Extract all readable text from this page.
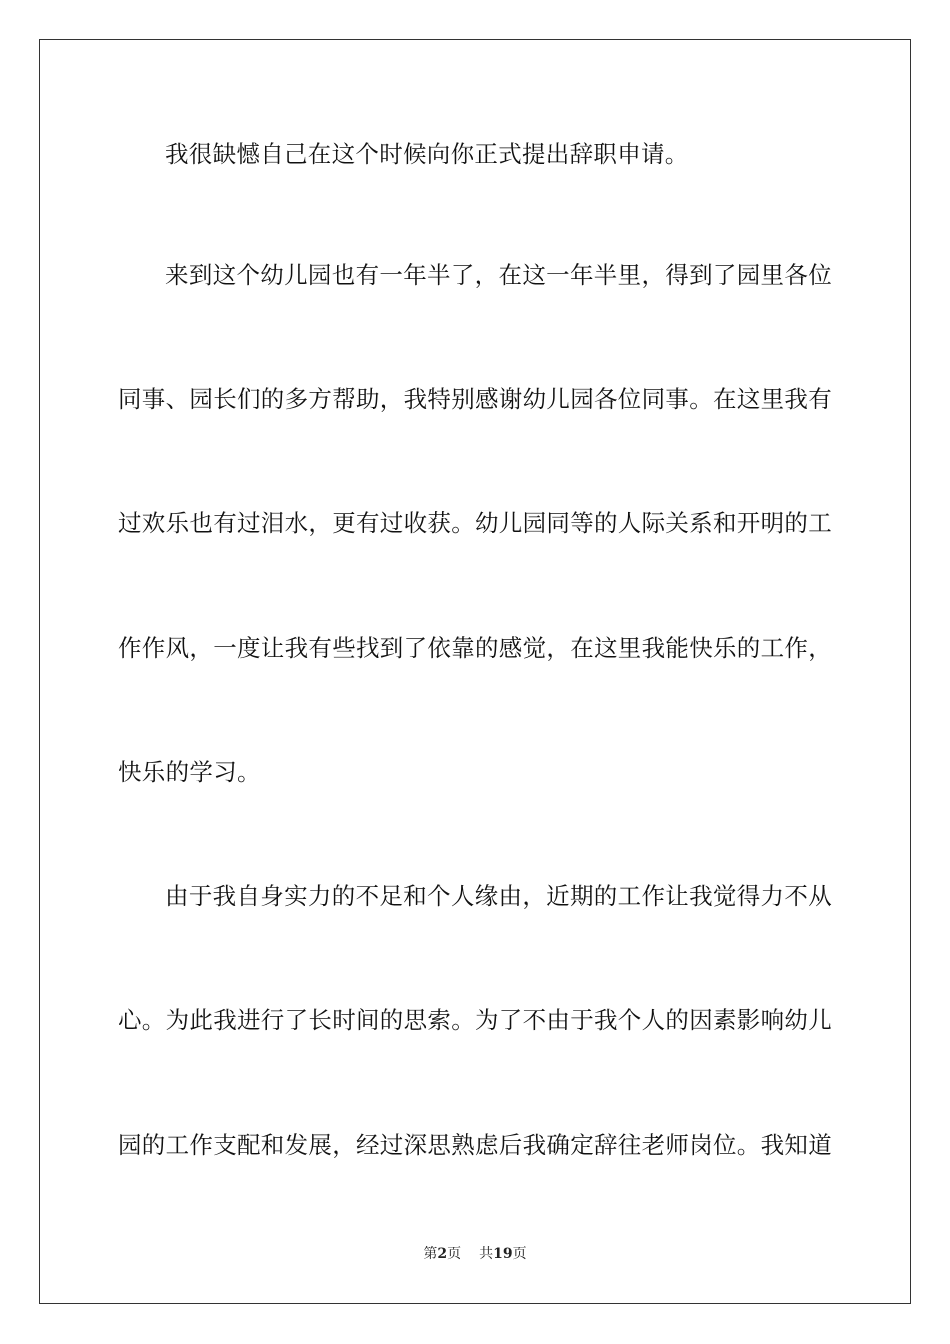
我很缺憾自己在这个时候向你正式提出辞职申请。
来到这个幼儿园也有一年半了，在这一年半里，得到了园里各位
同事、园长们的多方帮助，我特别感谢幼儿园各位同事。在这里我有
过欢乐也有过泪水，更有过收获。幼儿园同等的人际关系和开明的工
作作风，一度让我有些找到了依靠的感觉，在这里我能快乐的工作，
快乐的学习。
由于我自身实力的不足和个人缘由，近期的工作让我觉得力不从
心。为此我进行了长时间的思索。为了不由于我个人的因素影响幼儿
园的工作支配和发展，经过深思熟虑后我确定辞往老师岗位。我知道
第2页 共19页
